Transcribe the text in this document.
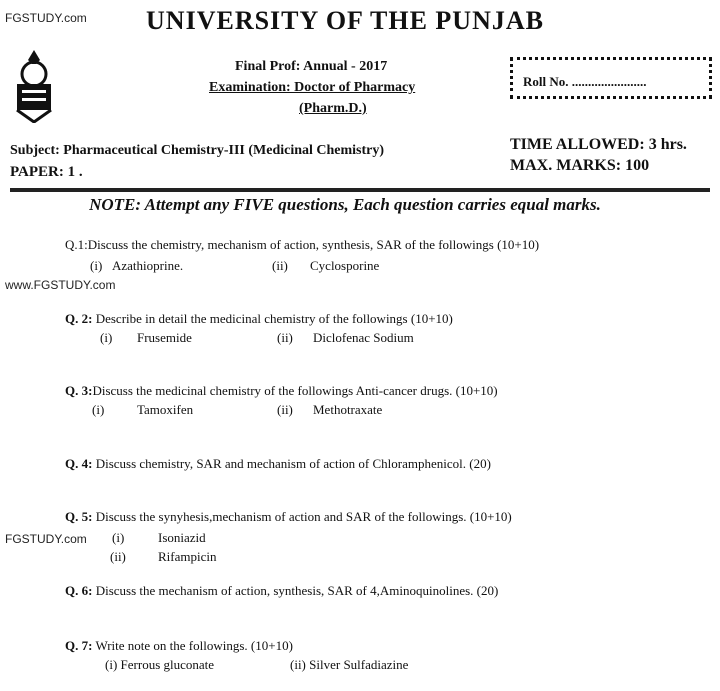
FGSTUDY.com	UNIVERSITY OF THE PUNJAB
Final Prof: Annual - 2017
Examination: Doctor of Pharmacy
(Pharm.D.)
Roll No. .......................
Subject: Pharmaceutical Chemistry-III (Medicinal Chemistry)
PAPER: 1 .
TIME ALLOWED: 3 hrs.
MAX. MARKS: 100
NOTE: Attempt any FIVE questions, Each question carries equal marks.
Q.1:Discuss the chemistry, mechanism of action, synthesis, SAR of the followings (10+10)
(i) Azathioprine.	(ii) Cyclosporine
www.FGSTUDY.com
Q. 2: Describe in detail the medicinal chemistry of the followings (10+10)
(i) Frusemide	(ii) Diclofenac Sodium
Q. 3:Discuss the medicinal chemistry of the followings Anti-cancer drugs. (10+10)
(i)	Tamoxifen	(ii) Methotraxate
Q. 4: Discuss chemistry, SAR and mechanism of action of Chloramphenicol. (20)
Q. 5: Discuss the synyhesis,mechanism of action and SAR of the followings. (10+10)
FGSTUDY.com (i)	Isoniazid
(ii) Rifampicin
Q. 6: Discuss the mechanism of action, synthesis, SAR of 4,Aminoquinolines. (20)
Q. 7: Write note on the followings. (10+10)
(i) Ferrous gluconate	(ii) Silver Sulfadiazine
